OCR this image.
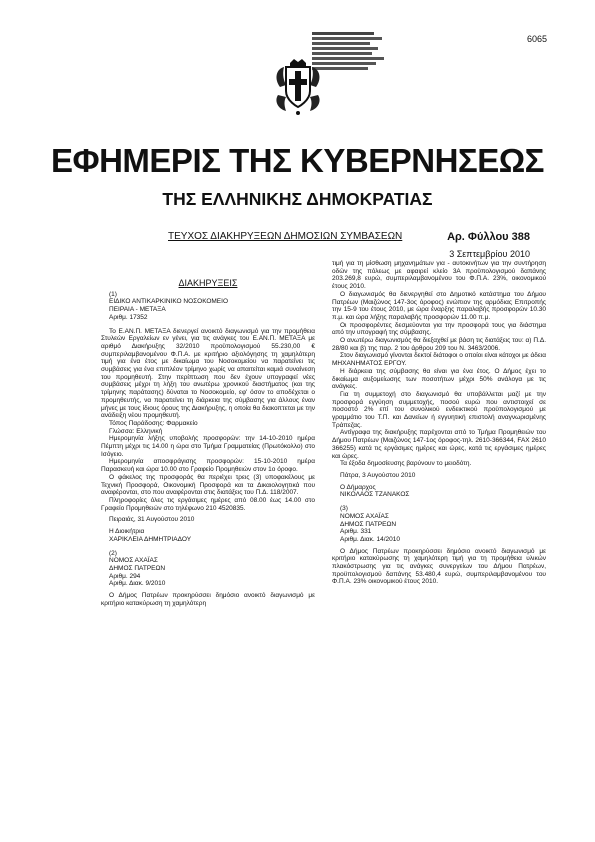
6065
ΕΦΗΜΕΡΙΣ ΤΗΣ ΚΥΒΕΡΝΗΣΕΩΣ
ΤΗΣ ΕΛΛΗΝΙΚΗΣ ΔΗΜΟΚΡΑΤΙΑΣ
ΤΕΥΧΟΣ ΔΙΑΚΗΡΥΞΕΩΝ ΔΗΜΟΣΙΩΝ ΣΥΜΒΑΣΕΩΝ	Αρ. Φύλλου 388
3 Σεπτεμβρίου 2010
ΔΙΑΚΗΡΥΞΕΙΣ

(1)

ΕΙΔΙΚΟ ΑΝΤΙΚΑΡΚΙΝΙΚΟ ΝΟΣΟΚΟΜΕΙΟ

ΠΕΙΡΑΙΑ - ΜΕΤΑΞΑ

Αριθμ. 17352

Το Ε.ΑΝ.Π. ΜΕΤΑΞΑ διενεργεί ανοικτό διαγωνισμό για την προμήθεια Στυλεών Εργαλείων εν γένει, για τις ανάγκες του Ε.ΑΝ.Π. ΜΕΤΑΞΑ με αριθμό Διακήρυξης 32/2010 προϋπολογισμού 55.230,00 € συμπεριλαμβανομένου Φ.Π.Α. με κριτήριο αξιολόγησης τη χαμηλότερη τιμή για ένα έτος με δικαίωμα του Νοσοκομείου να παρατείνει τις συμβάσεις για ένα επιπλέον τρίμηνο χωρίς να απαιτείται καμιά συναίνεση του προμηθευτή. Στην περίπτωση που δεν έχουν υπογραφεί νέες συμβάσεις μέχρι τη λήξη του ανωτέρω χρονικού διαστήματος (και της τρίμηνης παράτασης) δύναται το Νοσοκομείο, εφ' όσον το αποδέχεται ο προμηθευτής, να παρατείνει τη διάρκεια της σύμβασης για άλλους έναν μήνες με τους ίδιους όρους της Διακήρυξης, η οποία θα διακοπτεται με την ανάδειξη νέου προμηθευτή.

Τόπος Παράδοσης: Φαρμακείο

Γλώσσα: Ελληνική

Ημερομηνία λήξης υποβολής προσφορών: την 14-10-2010 ημέρα Πέμπτη μέχρι τις 14.00 η ώρα στο Τμήμα Γραμματείας (Πρωτόκολλο) στο Ισόγειο.

Ημερομηνία αποσφράγισης προσφορών: 15-10-2010 ημέρα Παρασκευή και ώρα 10.00 στο Γραφείο Προμηθειών στον 1ο όροφο.

Ο φάκελος της προσφοράς θα περιέχει τρεις (3) υποφακέλους με Τεχνική Προσφορά, Οικονομική Προσφορά και τα Δικαιολογητικά που αναφέρονται, στο που αναφέρονται στις διατάξεις του Π.Δ. 118/2007.

Πληροφορίες όλες τις εργάσιμες ημέρες από 08.00 έως 14.00 στο Γραφείο Προμηθειών στο τηλέφωνο 210 4520835.

Πειραιάς, 31 Αυγούστου 2010

Η Διοικήτρια

ΧΑΡΙΚΛΕΙΑ ΔΗΜΗΤΡΙΑΔΟΥ

(2)

ΝΟΜΟΣ ΑΧΑΪΑΣ

ΔΗΜΟΣ ΠΑΤΡΕΩΝ

Αριθμ. 294

Αριθμ. Διακ. 9/2010

Ο Δήμος Πατρέων προκηρύσσει δημόσιο ανοικτό διαγωνισμό με κριτήριο κατακύρωση τη χαμηλότερη

τιμή για τη μίσθωση μηχανημάτων για - αυτοκινήτων για την συντήρηση οδών της πόλεως με αφαιρεί κλείο 3Α προϋπολογισμού δαπάνης 203.269,8 ευρώ, συμπεριλαμβανομένου του Φ.Π.Α. 23%, οικονομικού έτους 2010.

Ο διαγωνισμός θα διενεργηθεί στο Δημοτικό κατάστημα του Δήμου Πατρέων (Μαιζώνος 147-3ος όροφος) ενώπιον της αρμόδιας Επιτροπής την 15-9 του έτους 2010, με ώρα έναρξης παραλαβής προσφορών 10.30 π.μ. και ώρα λήξης παραλαβής προσφορών 11.00 π.μ.

Οι προσφορέντες δεσμεύονται για την προσφορά τους για διάστημα από την υπογραφή της σύμβασης.

Ο ανωτέρω διαγωνισμός θα διεξαχθεί με βάση τις διατάξεις του: α) Π.Δ. 28/80 και β) της παρ. 2 του άρθρου 209 του Ν. 3463/2006.

Στον διαγωνισμό γίνονται δεκτοί διάτοφοι ο οποίοι είναι κάτοχοι με άδεια ΜΗΧΑΝΗΜΑΤΟΣ ΕΡΓΟΥ.

Η διάρκεια της σύμβασης θα είναι για ένα έτος. Ο Δήμος έχει το δικαίωμα αυξομείωσης των ποσοτήτων μέχρι 50% ανάλογα με τις ανάγκες.

Για τη συμμετοχή στο διαγωνισμό θα υποβάλλεται μαζί με την προσφορά εγγύηση συμμετοχής, ποσού ευρώ που αντιστοιχεί σε ποσοστό 2% επί του συνολικού ενδεικτικού προϋπολογισμού με γραμμάτιο του Τ.Π. και Δανείων ή εγγυητική επιστολή αναγνωρισμένης Τράπεζας.

Αντίγραφα της διακήρυξης παρέχονται από το Τμήμα Προμηθειών του Δήμου Πατρέων (Μαιζώνος 147-1ος όροφος-τηλ. 2610-366344, FAX 2610 366255) κατά τις εργάσιμες ημέρες και ώρες, κατά τις εργάσιμες ημέρες και ώρες.

Τα έξοδα δημοσίευσης βαρύνουν το μειοδότη.

Πάτρα, 3 Αυγούστου 2010

Ο Δήμαρχος

ΝΙΚΟΛΑΟΣ ΤΖΑΝΑΚΟΣ

(3)

ΝΟΜΟΣ ΑΧΑΪΑΣ

ΔΗΜΟΣ ΠΑΤΡΕΩΝ

Αριθμ. 331

Αριθμ. Διακ. 14/2010

Ο Δήμος Πατρέων προκηρύσσει δημόσιο ανοικτό διαγωνισμό με κριτήριο κατακύρωσης τη χαμηλότερη τιμή για τη προμήθεια υλικών πλακόστρωσης για τις ανάγκες συνεργείων του Δήμου Πατρέων, προϋπολογισμού δαπάνης 53.480,4 ευρώ, συμπεριλαμβανομένου του Φ.Π.Α. 23% οικονομικού έτους 2010.
